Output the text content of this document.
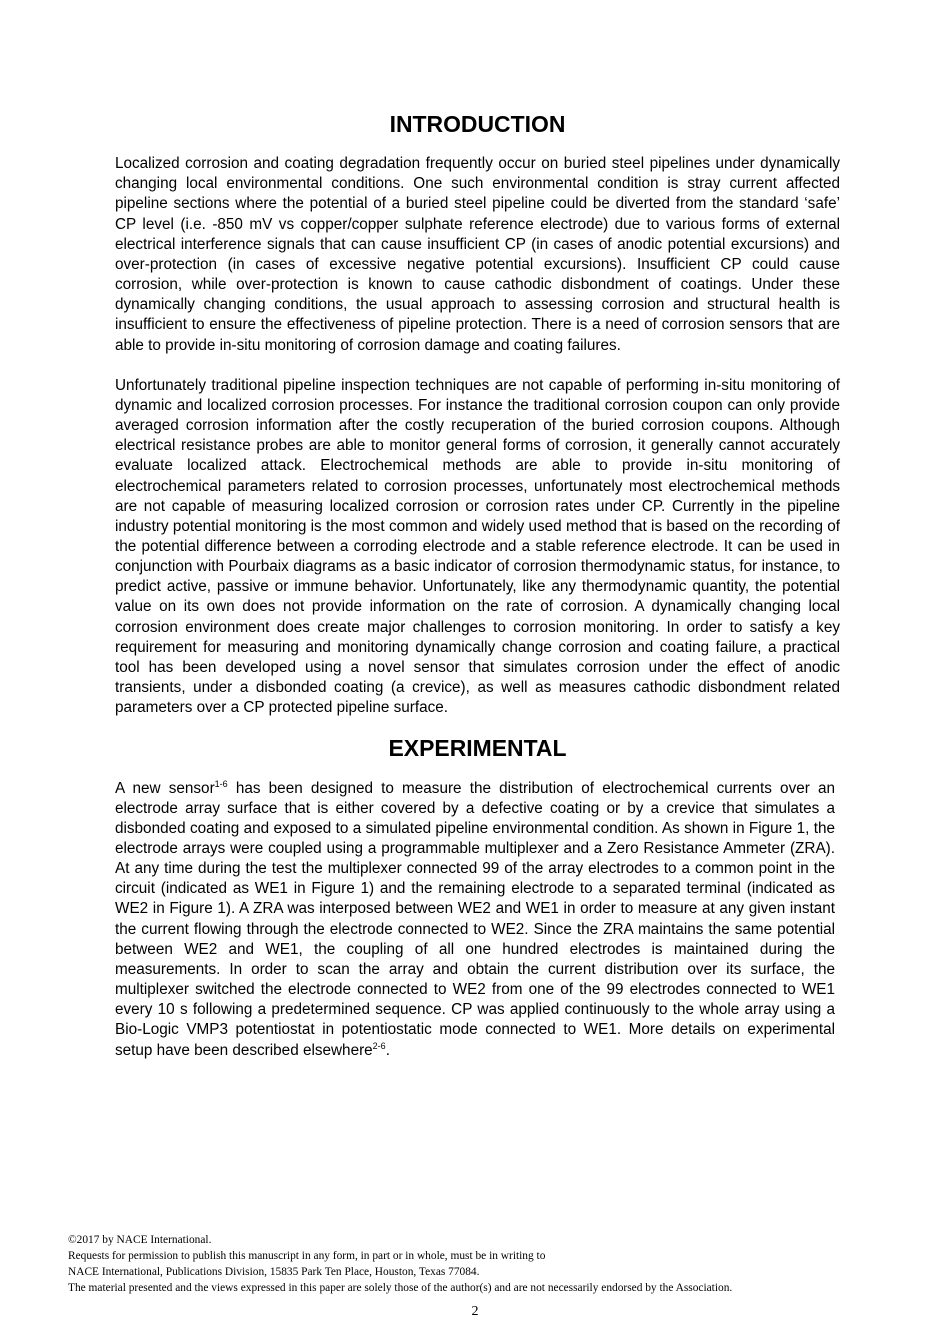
INTRODUCTION

Localized corrosion and coating degradation frequently occur on buried steel pipelines under dynamically changing local environmental conditions. One such environmental condition is stray current affected pipeline sections where the potential of a buried steel pipeline could be diverted from the standard ‘safe’ CP level (i.e. -850 mV vs copper/copper sulphate reference electrode) due to various forms of external electrical interference signals that can cause insufficient CP (in cases of anodic potential excursions) and over-protection (in cases of excessive negative potential excursions). Insufficient CP could cause corrosion, while over-protection is known to cause cathodic disbondment of coatings. Under these dynamically changing conditions, the usual approach to assessing corrosion and structural health is insufficient to ensure the effectiveness of pipeline protection. There is a need of corrosion sensors that are able to provide in-situ monitoring of corrosion damage and coating failures.

Unfortunately traditional pipeline inspection techniques are not capable of performing in-situ monitoring of dynamic and localized corrosion processes. For instance the traditional corrosion coupon can only provide averaged corrosion information after the costly recuperation of the buried corrosion coupons. Although electrical resistance probes are able to monitor general forms of corrosion, it generally cannot accurately evaluate localized attack. Electrochemical methods are able to provide in-situ monitoring of electrochemical parameters related to corrosion processes, unfortunately most electrochemical methods are not capable of measuring localized corrosion or corrosion rates under CP. Currently in the pipeline industry potential monitoring is the most common and widely used method that is based on the recording of the potential difference between a corroding electrode and a stable reference electrode. It can be used in conjunction with Pourbaix diagrams as a basic indicator of corrosion thermodynamic status, for instance, to predict active, passive or immune behavior. Unfortunately, like any thermodynamic quantity, the potential value on its own does not provide information on the rate of corrosion. A dynamically changing local corrosion environment does create major challenges to corrosion monitoring. In order to satisfy a key requirement for measuring and monitoring dynamically change corrosion and coating failure, a practical tool has been developed using a novel sensor that simulates corrosion under the effect of anodic transients, under a disbonded coating (a crevice), as well as measures cathodic disbondment related parameters over a CP protected pipeline surface.

EXPERIMENTAL

A new sensor$^{1-6}$ has been designed to measure the distribution of electrochemical currents over an electrode array surface that is either covered by a defective coating or by a crevice that simulates a disbonded coating and exposed to a simulated pipeline environmental condition. As shown in Figure 1, the electrode arrays were coupled using a programmable multiplexer and a Zero Resistance Ammeter (ZRA). At any time during the test the multiplexer connected 99 of the array electrodes to a common point in the circuit (indicated as WE1 in Figure 1) and the remaining electrode to a separated terminal (indicated as WE2 in Figure 1). A ZRA was interposed between WE2 and WE1 in order to measure at any given instant the current flowing through the electrode connected to WE2. Since the ZRA maintains the same potential between WE2 and WE1, the coupling of all one hundred electrodes is maintained during the measurements. In order to scan the array and obtain the current distribution over its surface, the multiplexer switched the electrode connected to WE2 from one of the 99 electrodes connected to WE1 every 10 s following a predetermined sequence. CP was applied continuously to the whole array using a Bio-Logic VMP3 potentiostat in potentiostatic mode connected to WE1. More details on experimental setup have been described elsewhere$^{2-6}$.

©2017 by NACE International.

Requests for permission to publish this manuscript in any form, in part or in whole, must be in writing to

NACE International, Publications Division, 15835 Park Ten Place, Houston, Texas 77084.

The material presented and the views expressed in this paper are solely those of the author(s) and are not necessarily endorsed by the Association.

2
